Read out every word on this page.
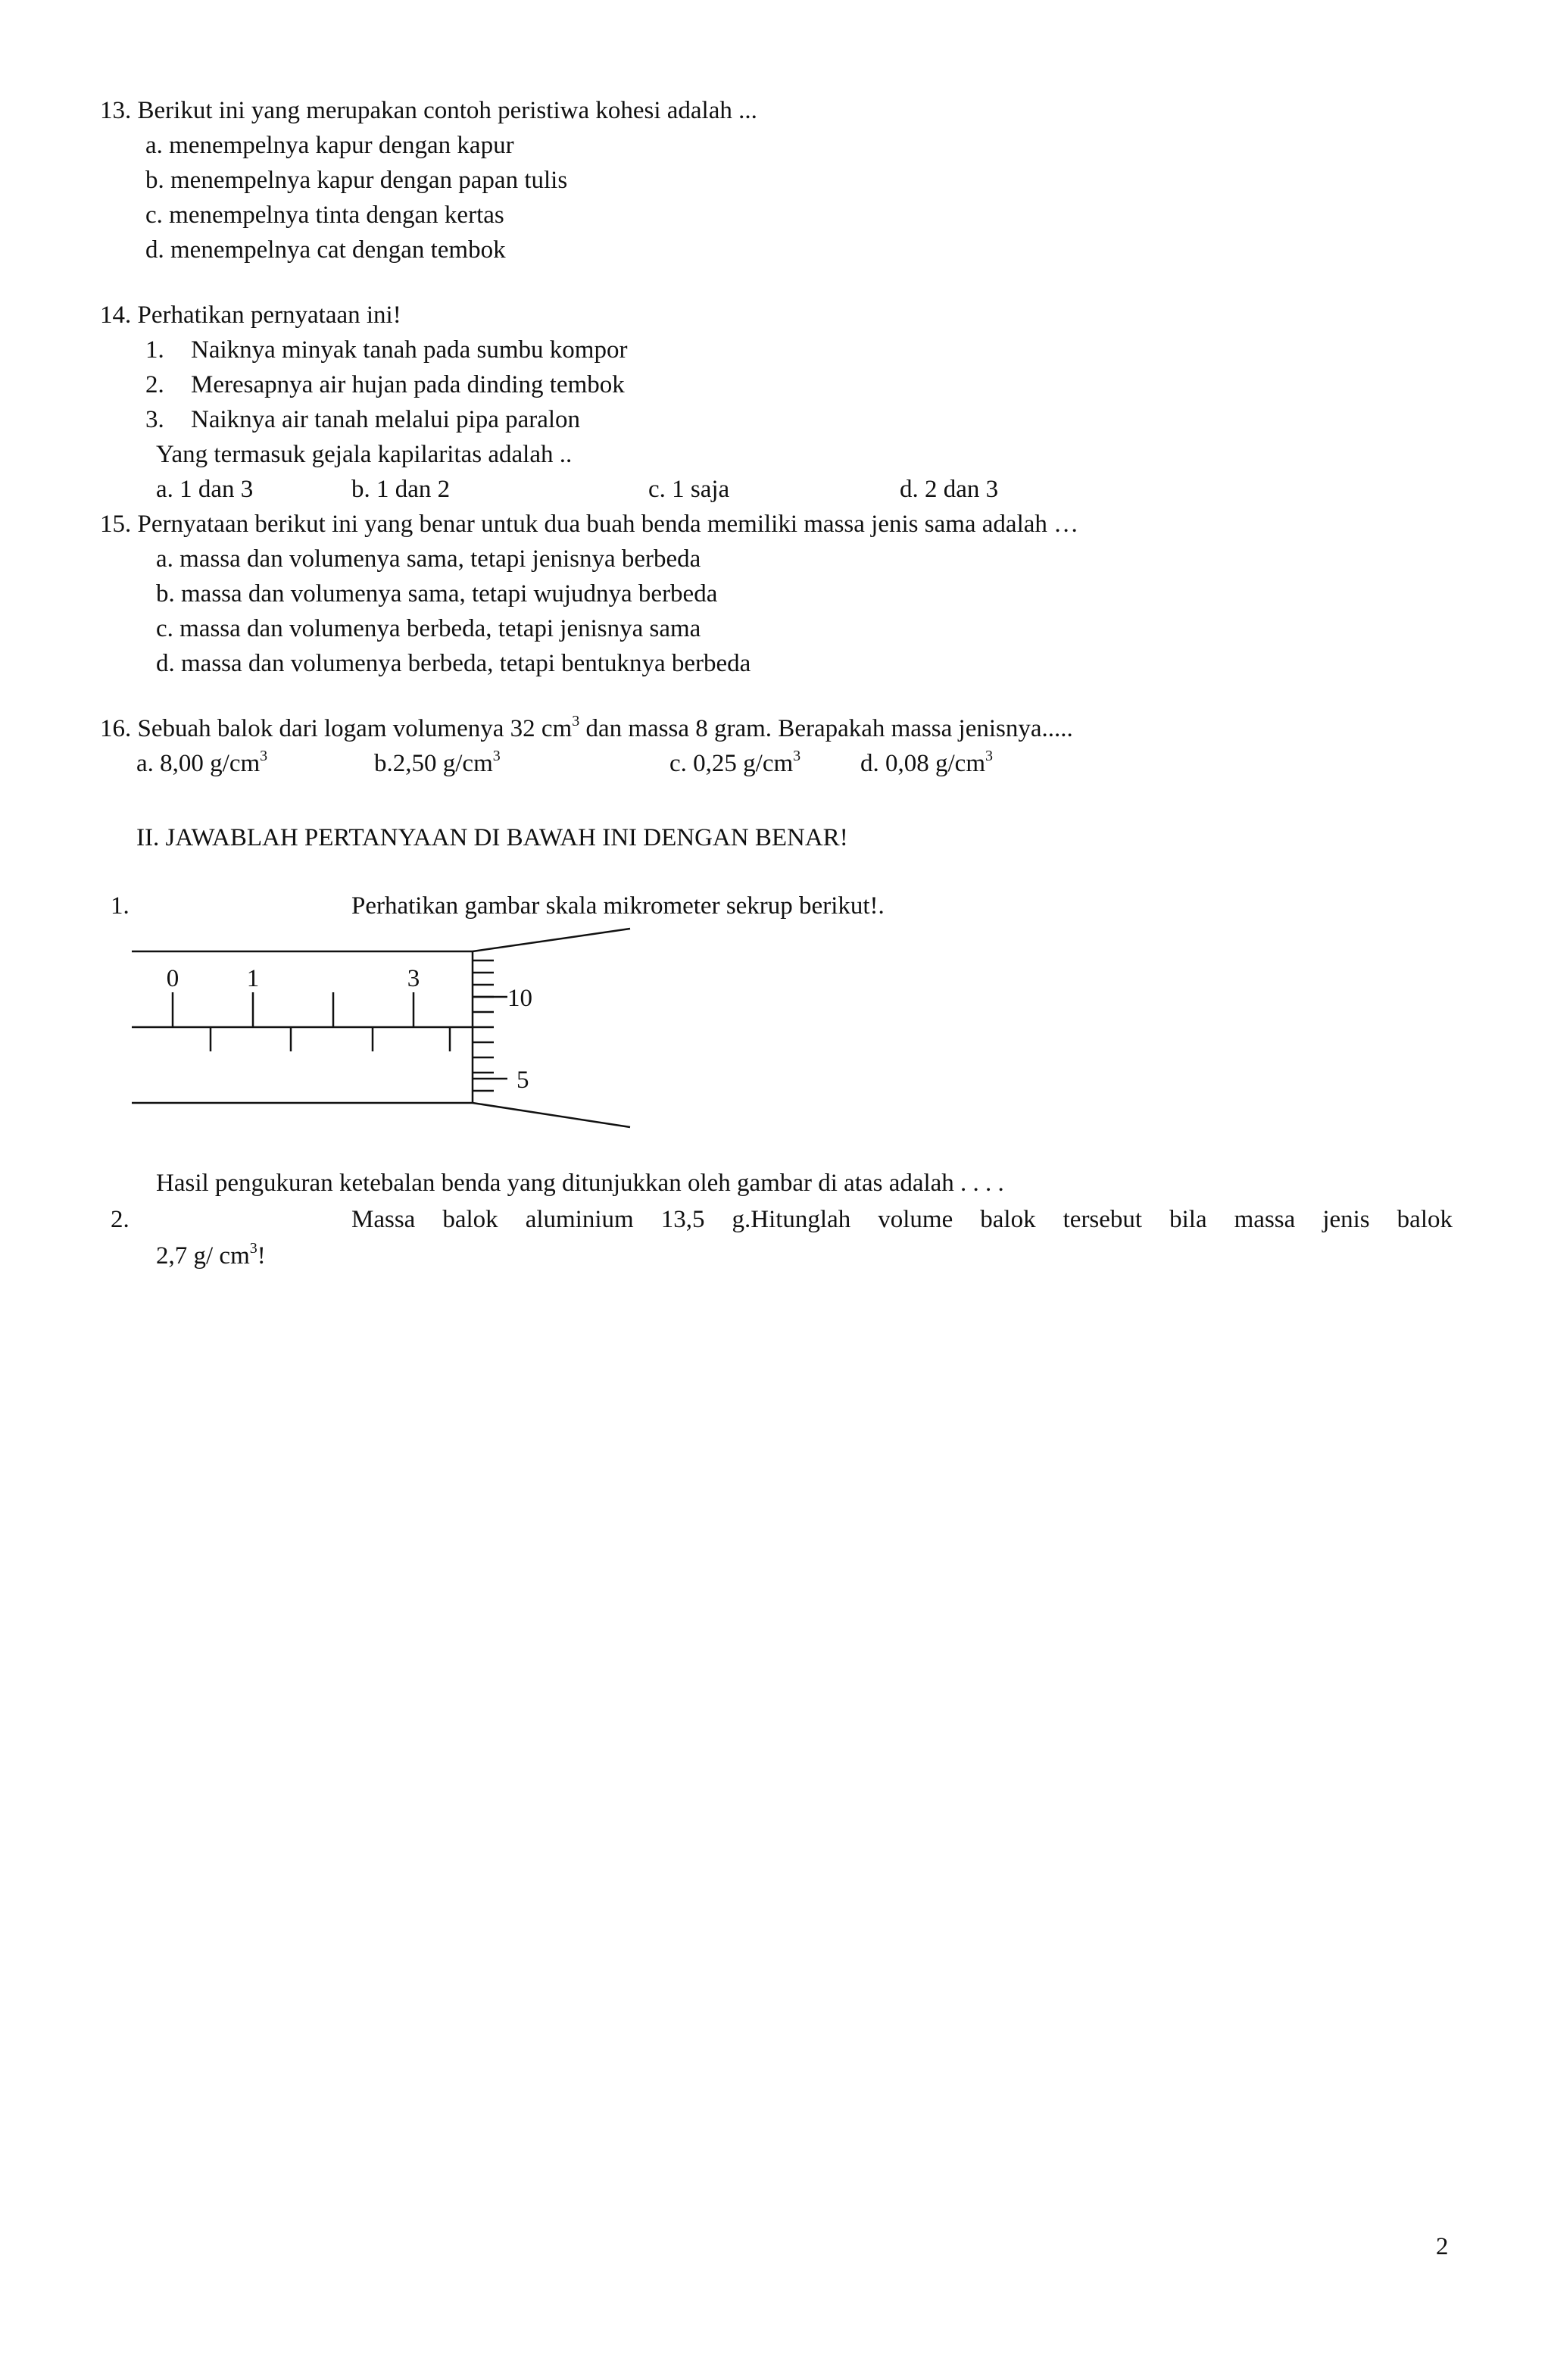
13. Berikut ini yang merupakan contoh peristiwa kohesi adalah ...
a. menempelnya kapur dengan kapur
b. menempelnya kapur dengan papan tulis
c. menempelnya tinta dengan kertas
d. menempelnya cat dengan tembok
14. Perhatikan pernyataan ini!
1. Naiknya minyak tanah pada sumbu kompor
2. Meresapnya air hujan pada dinding tembok
3. Naiknya air tanah melalui pipa paralon
Yang termasuk gejala kapilaritas adalah ..
a. 1 dan 3	b. 1 dan 2	c. 1 saja	d. 2 dan 3
15. Pernyataan berikut ini yang benar untuk dua buah benda memiliki massa jenis sama adalah …
a. massa dan volumenya sama, tetapi jenisnya berbeda
b. massa dan volumenya sama, tetapi wujudnya berbeda
c. massa dan volumenya berbeda, tetapi jenisnya sama
d. massa dan volumenya berbeda, tetapi bentuknya berbeda
16. Sebuah balok dari logam volumenya 32 $cm^3$ dan massa 8 gram. Berapakah massa jenisnya.....
a. 8,00 $g/cm^3$	b.2,50 $g/cm^3$	c. 0,25 $g/cm^3$ d. 0,08 $g/cm^3$
II. JAWABLAH PERTANYAAN DI BAWAH INI DENGAN BENAR!
1.	Perhatikan gambar skala mikrometer sekrup berikut!.
0	1	3
10
5
Hasil pengukuran ketebalan benda yang ditunjukkan oleh gambar di atas adalah . . . .
2.	Massa balok aluminium 13,5 g.Hitunglah volume balok tersebut bila massa jenis balok
2,7 g/ $cm^3$!
2
